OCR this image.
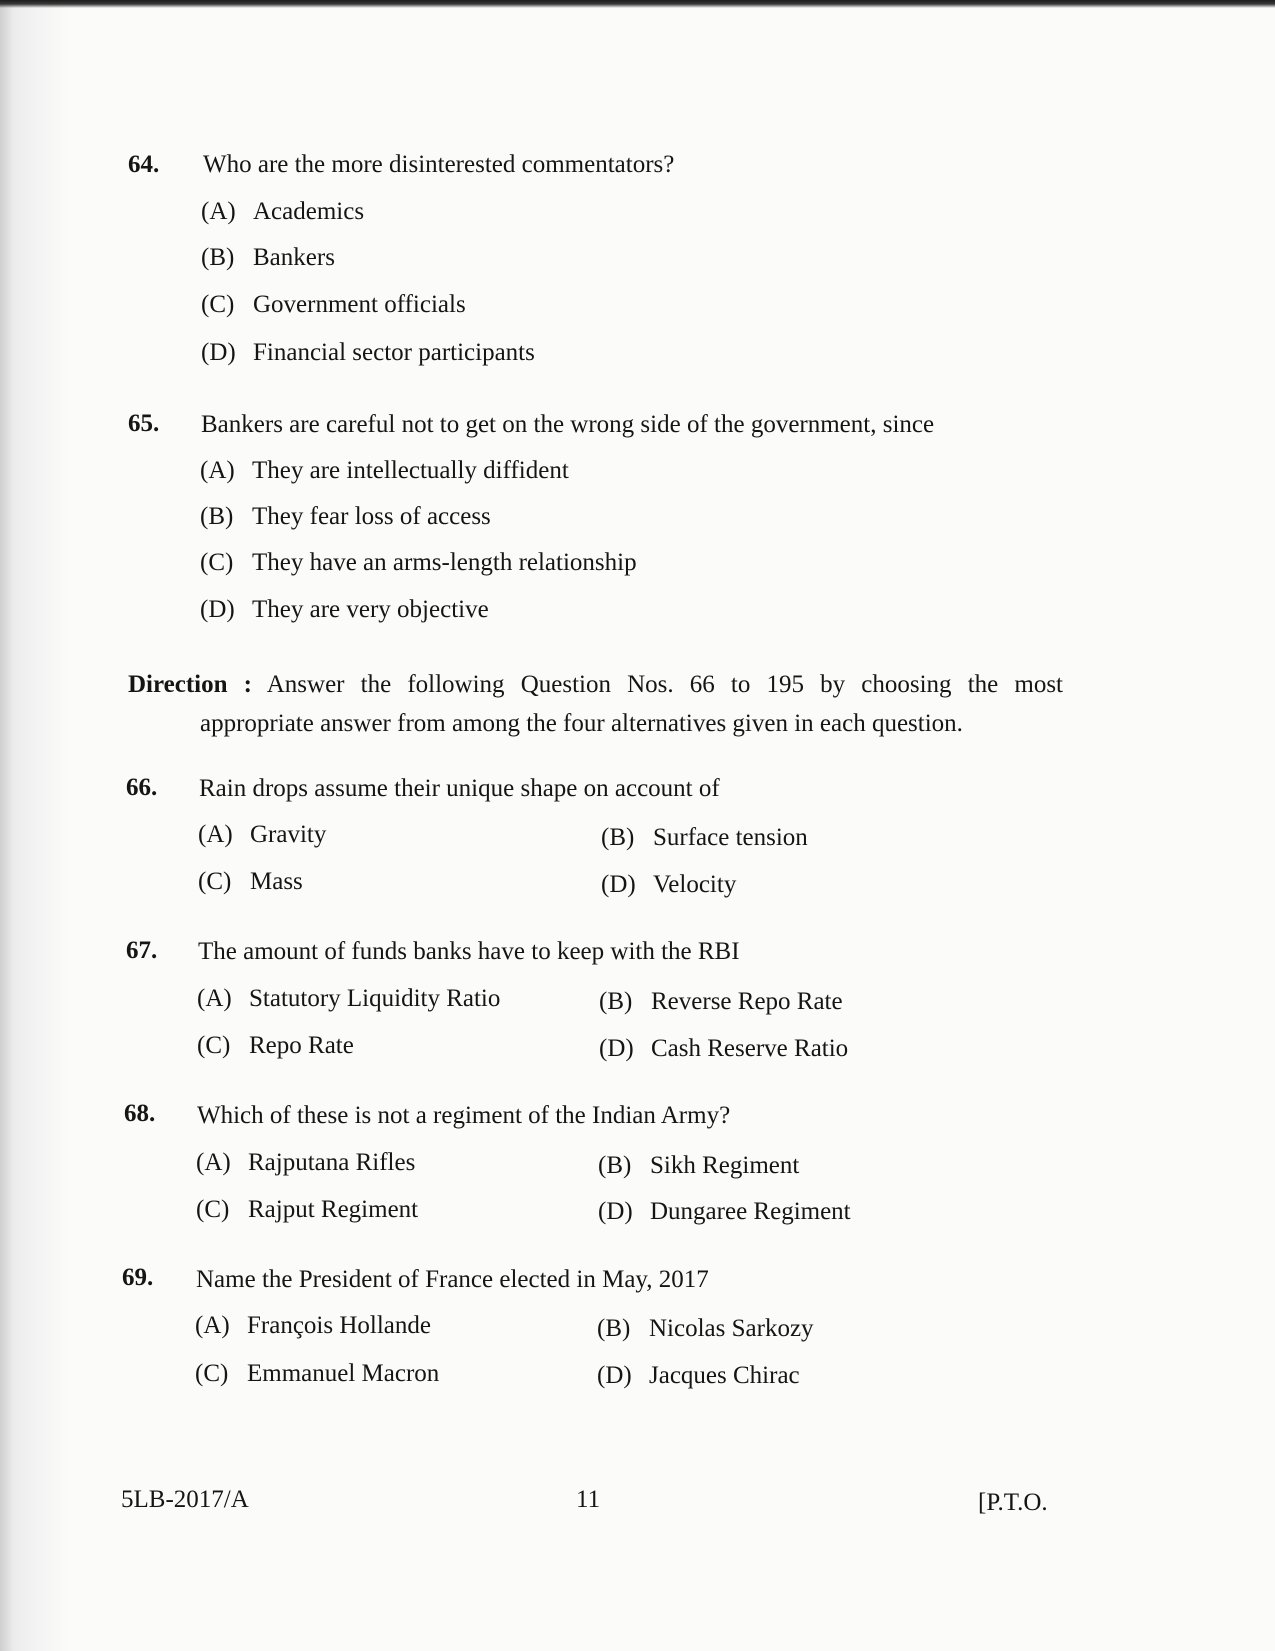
64. Who are the more disinterested commentators?
(A) Academics
(B) Bankers
(C) Government officials
(D) Financial sector participants
65. Bankers are careful not to get on the wrong side of the government, since
(A) They are intellectually diffident
(B) They fear loss of access
(C) They have an arms-length relationship
(D) They are very objective
Direction : Answer the following Question Nos. 66 to 195 by choosing the most
appropriate answer from among the four alternatives given in each question.
66. Rain drops assume their unique shape on account of
(A) Gravity	(B) Surface tension
(C) Mass	(D) Velocity
67. The amount of funds banks have to keep with the RBI
(A) Statutory Liquidity Ratio	(B) Reverse Repo Rate
(C) Repo Rate	(D) Cash Reserve Ratio
68. Which of these is not a regiment of the Indian Army?
(A) Rajputana Rifles	(B) Sikh Regiment
(C) Rajput Regiment	(D) Dungaree Regiment
69. Name the President of France elected in May, 2017
(A) François Hollande	(B) Nicolas Sarkozy
(C) Emmanuel Macron	(D) Jacques Chirac
5LB-2017/A	11	[P.T.O.
